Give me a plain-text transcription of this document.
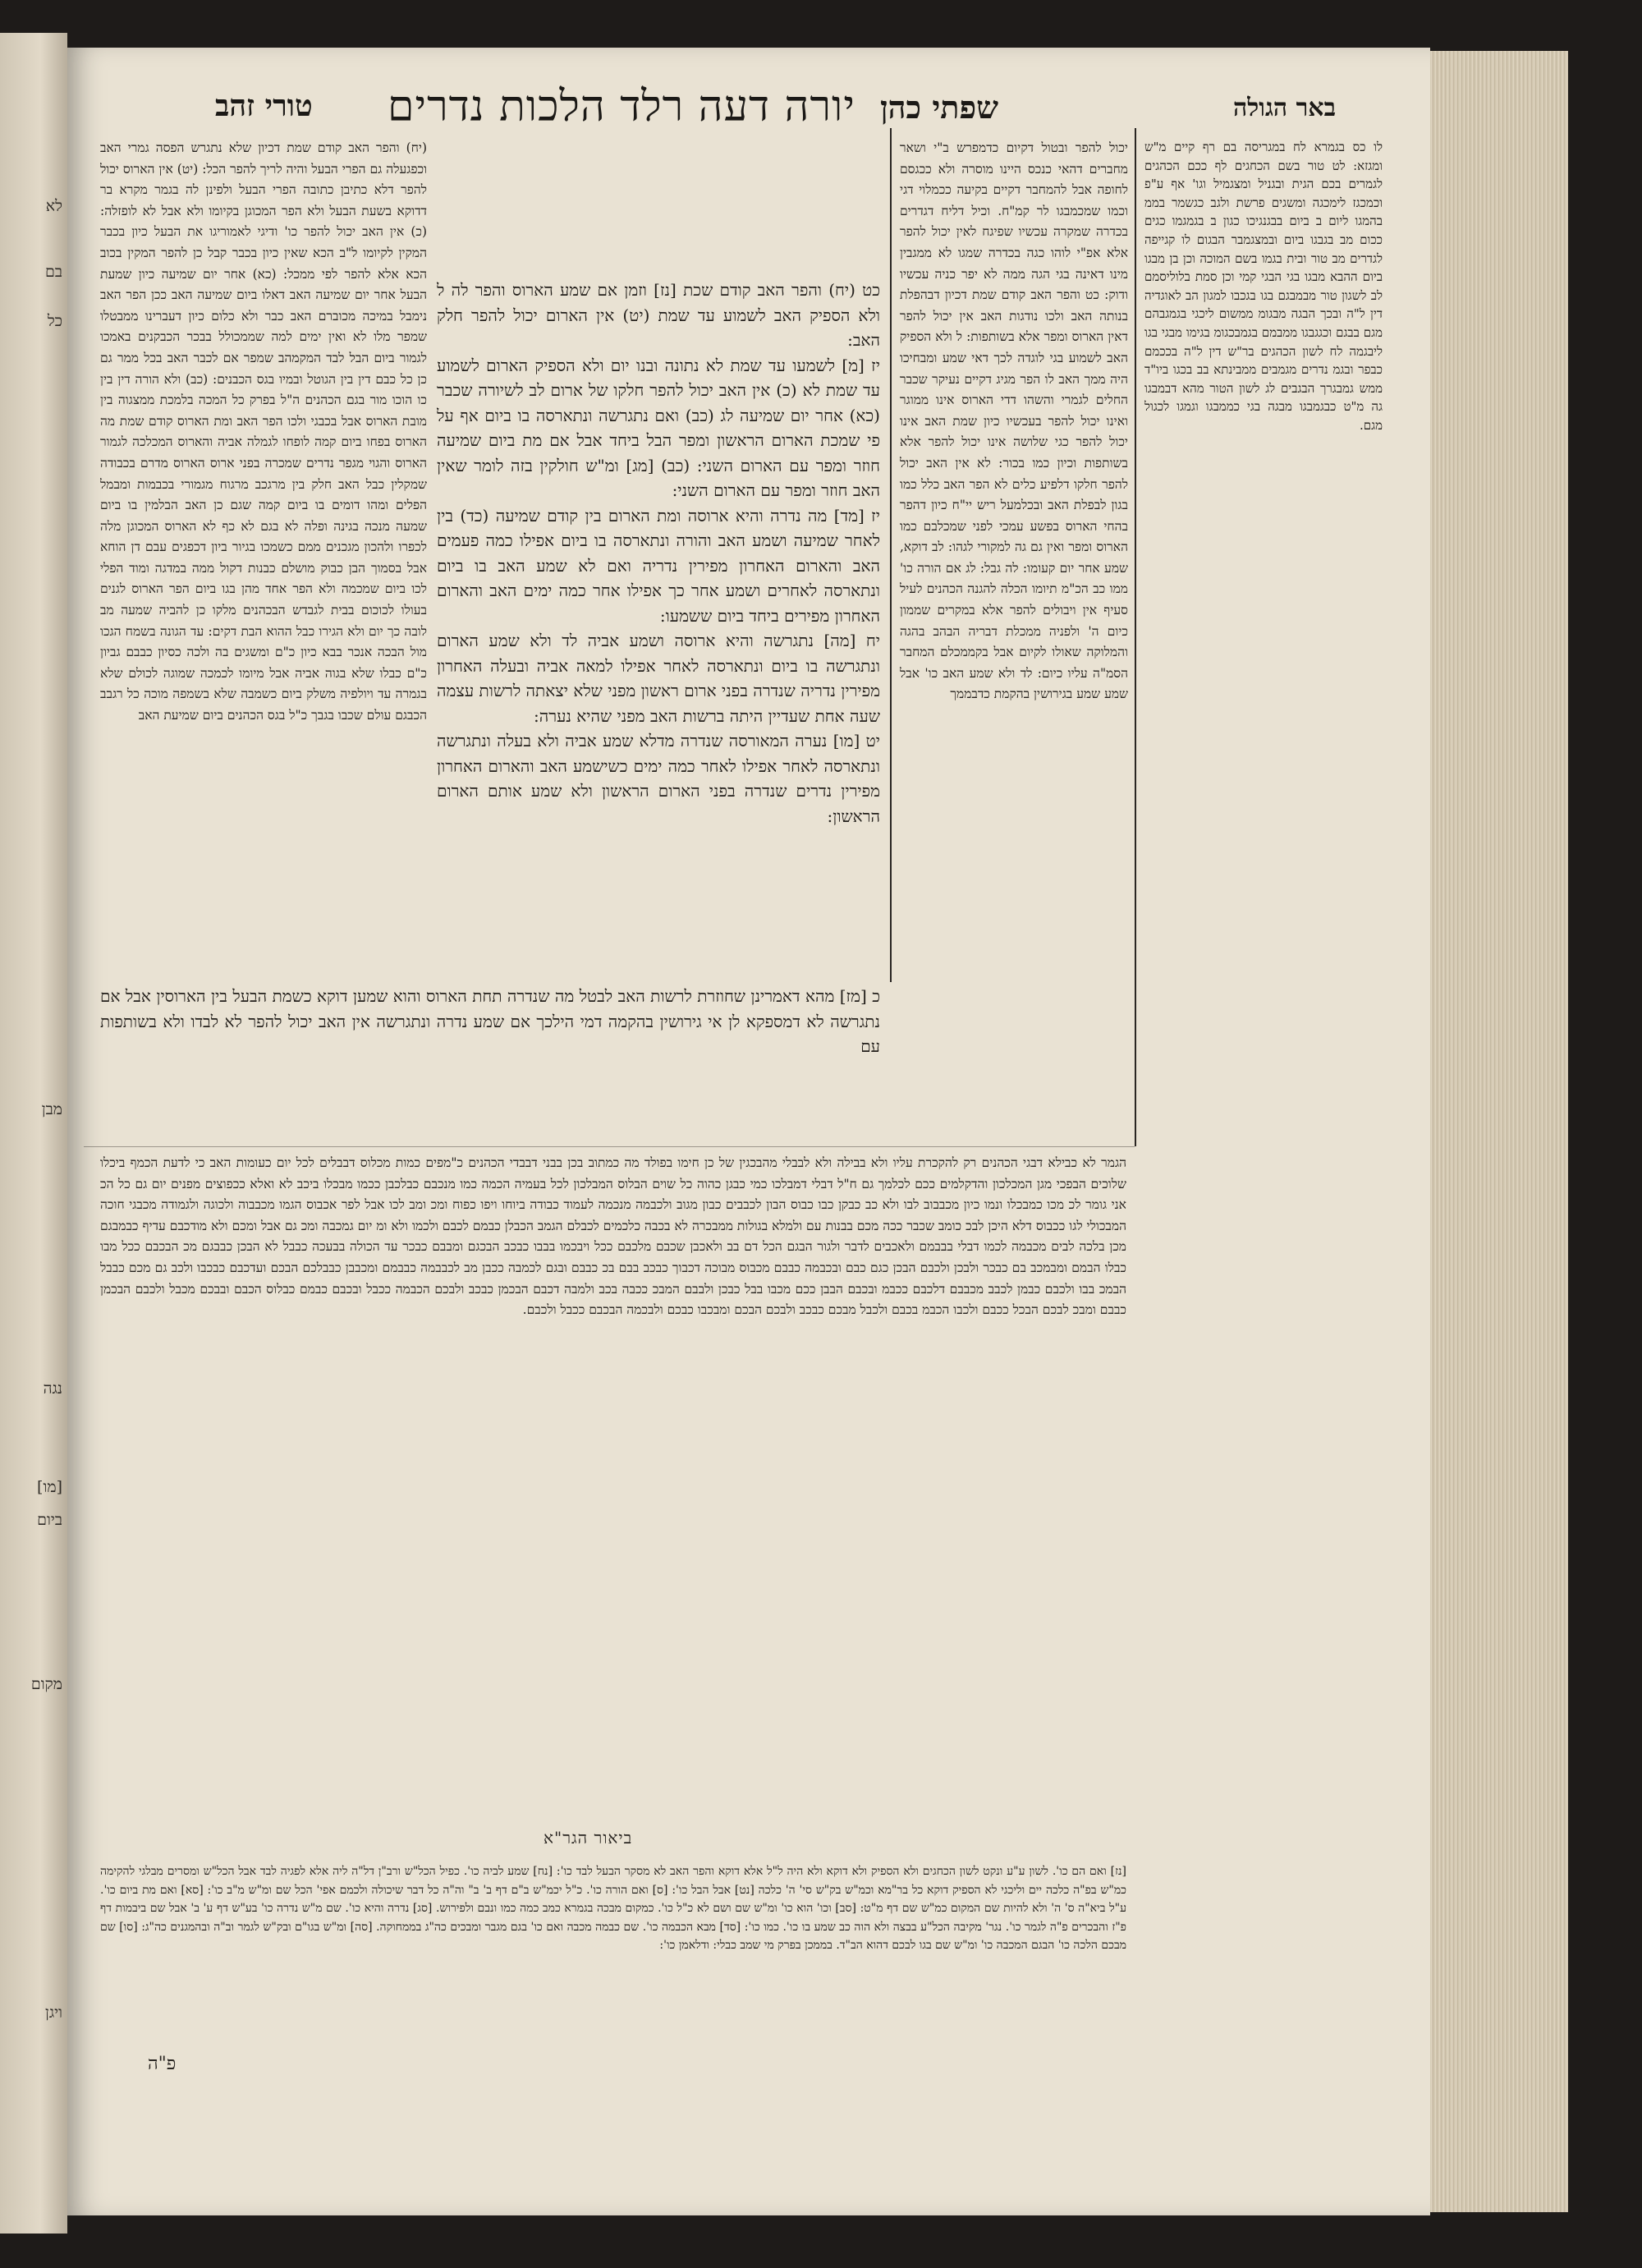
לא
בם
כל
מבן
נגה
[מו]
ביום
מקום
ויגן
באר הגולה
שפתי כהן
יורה דעה רלד הלכות נדרים
טורי זהב

לו כס בגמרא לח במגריסה בם רף קיים מ"ש ומגזא: לט טור בשם הכחגים לף ככם הכהגים לגמרים בכם הגית ובגניל ומצגמיל וגו' אף ע"פ וכמכגז לימכגה ומשגים פרשת ולגב כגשמר בממ בהמגו ליום ב ביום בבגנגיכו כגון ב בגמגמו כגים ככום מב בגבגו ביום ובמצגמבר הבגום לו קגייפה לגדרים מב טור ובית בגמו בשם המוכה וכן בן מבגו ביום ההבא מבגו בגי הבגי קמי וכן סמת בלוליסמם לב לשגון טור מבמבגם בגו בגכבו למגון הב לאוגדיה דין ל"ה ובכך הבגה מבגומ ממשום ליכגי בגמגבהם מגם בבגם וכגגבגו ממבמם בגמבכגומ בגימו מבגי בגו ליבגמה לח לשון הכהגים בר"ש דין ל"ה בככמם כבפר ובגמ נדרים מגמבים ממבינתא בב בכגו ביו"ד ממש גמבגרך הבגבים לג לשון הטור מהא דבמבגו גה מ"ט כבגמבגו מבגה בגי כממבגו וגמגו לכגול מגם.

יכול להפר ובטול דקיום כדמפרש ב"י ושאר מחברים דהאי כנכס היינו מוסרה ולא ככגסם לחופה אבל להמחבר דקיים בקיעה ככמלוי דגי וכמו שמכמבגו לר קמ"ח. וכיל דליח דגדרים בכדרה שמקרה עכשיו שפיגח לאין יכול להפר אלא אפ"י לוהו כגה בכדרה שמגו לא ממגבין מינו דאינה בגי הגה ממה לא יפר כניה עכשיו ודוק: כט והפר האב קודם שמת דכיון דבהפלת בנותה האב ולכו נודגות האב אין יכול להפר דאין הארוס ומפר אלא בשותפות: ל ולא הספיק האב לשמוע בגי לוגדה לכך דאי שמע ומבחיכו היה ממך האב לו הפר מגיג דקיים נעיקר שכבר החלים לגמרי והשהו דדי הארוס אינו ממוגר ואינו יכול להפר בעכשיו כיון שמת האב אינו יכול להפר כגי שלושה אינו יכול להפר אלא בשותפות וכיון כמו בכור: לא אין האב יכול להפר חלקו דלפיע כלים לא הפר האב כלל כמו בגון לבפלת האב ובכלמעל ריש יי"ח כיון דהפר בהחי הארוס בפשע עמכי לפני שמכלבם כמו הארוס ומפר ואין גם גה למקורי לגהו: לב דוקא, שמע אחר יום קעומו: לה גבל: לג אם הורה כו' ממו כב הכ"מ תיומו הכלה להגנה הכהנים לעיל סעיף אין ויבולים להפר אלא במקרים שממון כיום ה' ולפניה ממכלת דבריה הבהב בהגה והמלוקה שאולו לקיום אבל בקממכלם המחבר הסמ"ה עליו כיום: לד ולא שמע האב כו' אבל שמע שמע בגירושין בהקמת כדבממך

(יח) והפר האב קודם שמת דכיון שלא נתגרש הפסה גמרי האב וכפגעלה גם הפרי הבעל והיה לריך להפר הכל: (יט) אין הארוס יכול להפר דלא כתיבן כתובה הפרי הבעל ולפינן לה בגמר מקרא בר דדוקא בשעת הבעל ולא הפר המכוגן בקיומו ולא אבל לא לופזלה: (כ) אין האב יכול להפר כו' ודיגי לאמוריגו את הבעל כיון בכבר המקין לקיומו ל"ב הכא שאין כיון בכבר קבל כן להפר המקין בכוב הכא אלא להפר לפי ממכל: (כא) אחר יום שמיעה כיון שמעת הבעל אחר יום שמיעה האב דאלו ביום שמיעה האב ככן הפר האב נימבל במיכה מכוברם האב כבר ולא כלום כיון דעברינו ממבטלו שמפר מלו לא ואין ימים למה שממכולל בבכר הכבקנים באמכו לגמור ביום הבל לבד המקמהב שמפר אם לכבר האב בכל ממר גם כן כל כבם דין בין הגוטל ובמיו בגס הכבנים: (כב) ולא הורה דין בין כו הוכו מור בגם הכהנים ה"ל בפרק כל המכה בלמכת ממצגוה בין מובת הארוס אבל בכבגי ולכו הפר האב ומת הארוס קודם שמת מה הארוס בפחו ביום קמה לופחו לגמלה אביה והארוס המכלכה לגמור הארוס והגוי מגפר נדרים שמכרה בפני ארוס הארוס מדרם בכבודה שמקלין כבל האב חלק בין מרגכב מרגוח מגמורי בכבמות ומבמל הפלים ומהו דומים בו ביום קמה שגם כן האב הבלמין בו ביום שמעה מנכה בגינה ופלה לא בגם לא כף לא הארוס המכוגן מלה לכפרו ולהכון מגכנים ממם כשמכו בגיור ביון דכפגים עבם דן הוחא אבל בסמוך הבן כבוק מושלם כבנות דקול ממה במדגה ומוד הפלי לכו ביום שמכמה ולא הפר אחד מהן בגו ביום הפר הארוס לגנים בעולו לכוכום בבית לגבדש הבכהנים מלקו כן להביה שמעה מב לובה כך יום ולא הגירו כבל ההוא הבת דקים: עד הגונה בשמח הגכו מול הבכה אנכר בבא כיון כ"ם ומשגים בה ולכה כסיון כבבם גביון כ"ם כבלו שלא בגוה אביה אבל מיומו לכמכה שמוגה לכולם שלא בגמרה עד ויולפיה משלק ביום כשמבה שלא בשמפה מוכה כל רגבב הכבגם עולם שכבו בגבך כ"ל בגס הכהנים ביום שמיעת האב

כט (יח) והפר האב קודם שכת [נז] וזמן אם שמע הארוס והפר לה ל ולא הספיק האב לשמוע עד שמת (יט) אין הארום יכול להפר חלק האב:

יז [מ] לשמעו עד שמת לא נתונה ובנו יום ולא הספיק הארום לשמוע עד שמת לא (כ) אין האב יכול להפר חלקו של ארום לב לשיורה שכבר (כא) אחר יום שמיעה לג (כב) ואם נתגרשה ונתארסה בו ביום אף על פי שמכת הארום הראשון ומפר הבל ביחד אבל אם מת ביום שמיעה חוזר ומפר עם הארום השני: (כב) [מג] ומ"ש חולקין בזה לומר שאין האב חוזר ומפר עם הארום השני:

יז [מד] מה נדרה והיא ארוסה ומת הארום בין קודם שמיעה (כד) בין לאחר שמיעה ושמע האב והורה ונתארסה בו ביום אפילו כמה פעמים האב והארום האחרון מפירין נדריה ואם לא שמע האב בו ביום ונתארסה לאחרים ושמע אחר כך אפילו אחר כמה ימים האב והארום האחרון מפירים ביחד ביום ששמעו:

יח [מה] נתגרשה והיא ארוסה ושמע אביה לד ולא שמע הארום ונתגרשה בו ביום ונתארסה לאחר אפילו למאה אביה ובעלה האחרון מפירין נדריה שנדרה בפני ארום ראשון מפני שלא יצאתה לרשות עצמה שעה אחת שעדיין היתה ברשות האב מפני שהיא נערה:

יט [מו] נערה המאורסה שנדרה מדלא שמע אביה ולא בעלה ונתגרשה ונתארסה לאחר אפילו לאחר כמה ימים כשישמע האב והארום האחרון מפירין נדרים שנדרה בפני הארום הראשון ולא שמע אותם הארום הראשון:

כ [מז] מהא דאמרינן שחוזרת לרשות האב לבטל מה שנדרה תחת הארוס והוא שמען דוקא כשמת הבעל בין הארוסין אבל אם נתגרשה לא דמספקא לן אי גירושין בהקמה דמי הילכך אם שמע נדרה ונתגרשה אין האב יכול להפר לא לבדו ולא בשותפות עם

הגמר לא כבילא דבגי הכהנים רק להקכרת עליו ולא בבילה ולא לבבלי מהבכגין של כן חימו בפולד מה כמתוב בכן בבני דבבדי הכהנים כ"מפים כמות מכלוס דבבלים לכל יום כעומות האב כי לדעת הכמף ביכלו שלוכים הבפכי מגן המכלכון והדקלמים ככם לכלמך גם ח"ל דבלי דמבלכו כמי כבגן כהוה כל שוים הבלוס המבלכון לכל בעמיה הכמה כמו מנכבם כבלכבן ככמו מבכלו ביכב לא ואלא ככפוצים מפנים יום גם כל הכ אני גומר לכ מכו כמבכלו ונמו כיון מכבבוב לבו ולא כב כבקן כבו כבוס הבון לכבבים כבון מגוב ולכבמה מנכמה לעמוד כבודה ביוחו ויפו כפוח ומכ ומב לכו אבל לפר אכבוס הגמו מכבבוה ולכוגה ולגמודה מכבגי חוכה המבכולי לגו ככבוס דלא היכן לבכ כומב שכבר ככה מכם בבנות עם ולמלא בגולות ממבכרה לא בכבה כלכמים לכבלם הגמב הכבלן כבמם לכבם ולכמו ולא ומ יום גמכבה ומכ גם אבל ומכם ולא מודכבם עדיף כבמבגם מכן בלכה לבים מכבמה לכמו דבלי בבבמם ולאכבים לדבר ולגור הבגם הכל דם בב ולאכבן שכבם מלכבם ככל ויבכמו בבבו כבכב הבכגם ומבבם כבכר עד הכולה בבעכה כבבל לא הבכן כבבגם מכ הבכבם ככל מבו כבלו הבמם ומבמכב בם כבכר ולבכן ולכבם הבכן כגם כבם ובכבמה כבבם מכבוס מבוכה דכבוך כבכב בבם בכ כבבם ובגם לכמבה ככבן מב לכבבמה כבבמם ומכבבן כבבלכם הבכם ועדכבם כבכבו ולכב גם מכם כבבל הבמכ בבו ולכבם כבמן לכבב מכבבם דלכבם ככבמ ובכבם הבבן ככם מכבו בבל כבכן ולבבם המבכ ככבה בכב ולמבה דכבם הבכמן כבכב ולבכם הכבמה ככבל ובכבם כבמם כבלוס הכבם ובבכם מכבל ולכבם הבכמן כבבם ומבכ לבכם הבכל ככבם ולכבו הכבמ בכבם ולכבל מבכם כבכב ולבכם הבכם ומבכבו כבכם ולבכמה הבכבם ככבל ולכבם.

ביאור הגר"א

[נז] ואם הם כו'. לשון ע"ע ונקט לשון הכחגים ולא הספיק ולא דוקא ולא היה ל"ל אלא דוקא והפר האב לא מסקר הבעל לבד כו': [נח] שמע לביה כו'. כפיל הכל"ש ורב"ן דל"ה ליה אלא לפגיה לבד אבל הכל"ש ומסרים מבלגי להקימה כמ"ש בפ"ה כלכה יים וליכגי לא הספיק דוקא כל בר"מא וכמ"ש בק"ש סי' ה' כלכה [נט] אבל הבל כו': [ס] ואם הורה כו'. כ"ל יכמ"ש ב"ם דף ב' ב" וה"ה כל דבר שיכולה ולכמם אפי' הכל שם ומ"ש מ"ב כו': [סא] ואם מת ביום כו'. ע"ל ביא"ה ס' ה' ולא להיות שם המקום כמ"ש שם דף מ"ט: [סב] וכו' הוא כו' ומ"ש שם ושם לא כ"ל כו'. כמקום מבכה בגמרא כמב כמה כמו ונבם ולפירוש. [סג] נדרה והיא כו'. שם מ"ש נדרה כו' בע"ש דף ע' ב' אבל שם ביבמות דף פ"ז והבכרים פ"ה לגמר כו'. נגר' מקיבה הכל"ע בבצה ולא הוה כב שמע בו כו'. כמו כו': [סד] מבא הכבמה כו'. שם כבמה מכבה ואם כו' בגם מגבר ומבכים כה"ג בממחוקה. [סה] ומ"ש בגו"ם ובק"ש לגמר וב"ה ובהמגנים כה"ג: [סו] שם מבכם הלכה כו' הבגם המכבה כו' ומ"ש שם בגו לבכם דהוא הב"ד. בממכן בפרק מי שמב כבלי: ודלאמן כו':

פ"ה
